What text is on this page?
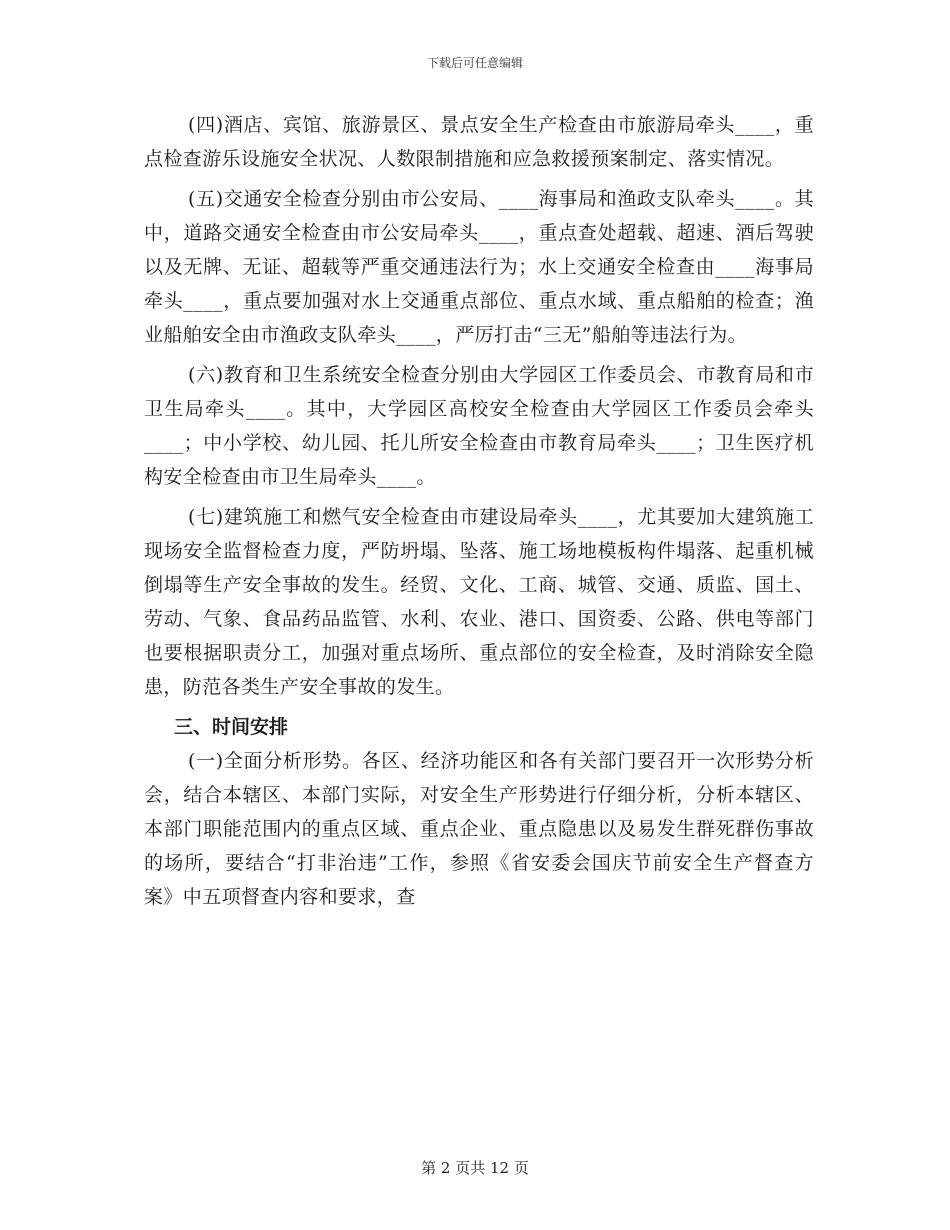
下载后可任意编辑

(四)酒店、宾馆、旅游景区、景点安全生产检查由市旅游局牵头____，重点检查游乐设施安全状况、人数限制措施和应急救援预案制定、落实情况。

(五)交通安全检查分别由市公安局、____海事局和渔政支队牵头____。其中，道路交通安全检查由市公安局牵头____，重点查处超载、超速、酒后驾驶以及无牌、无证、超载等严重交通违法行为；水上交通安全检查由____海事局牵头____，重点要加强对水上交通重点部位、重点水域、重点船舶的检查；渔业船舶安全由市渔政支队牵头____，严厉打击“三无”船舶等违法行为。

(六)教育和卫生系统安全检查分别由大学园区工作委员会、市教育局和市卫生局牵头____。其中，大学园区高校安全检查由大学园区工作委员会牵头____；中小学校、幼儿园、托儿所安全检查由市教育局牵头____；卫生医疗机构安全检查由市卫生局牵头____。

(七)建筑施工和燃气安全检查由市建设局牵头____，尤其要加大建筑施工现场安全监督检查力度，严防坍塌、坠落、施工场地模板构件塌落、起重机械倒塌等生产安全事故的发生。经贸、文化、工商、城管、交通、质监、国土、劳动、气象、食品药品监管、水利、农业、港口、国资委、公路、供电等部门也要根据职责分工，加强对重点场所、重点部位的安全检查，及时消除安全隐患，防范各类生产安全事故的发生。

三、时间安排

(一)全面分析形势。各区、经济功能区和各有关部门要召开一次形势分析会，结合本辖区、本部门实际，对安全生产形势进行仔细分析，分析本辖区、本部门职能范围内的重点区域、重点企业、重点隐患以及易发生群死群伤事故的场所，要结合“打非治违”工作，参照《省安委会国庆节前安全生产督查方案》中五项督查内容和要求，查

第 2 页共 12 页
